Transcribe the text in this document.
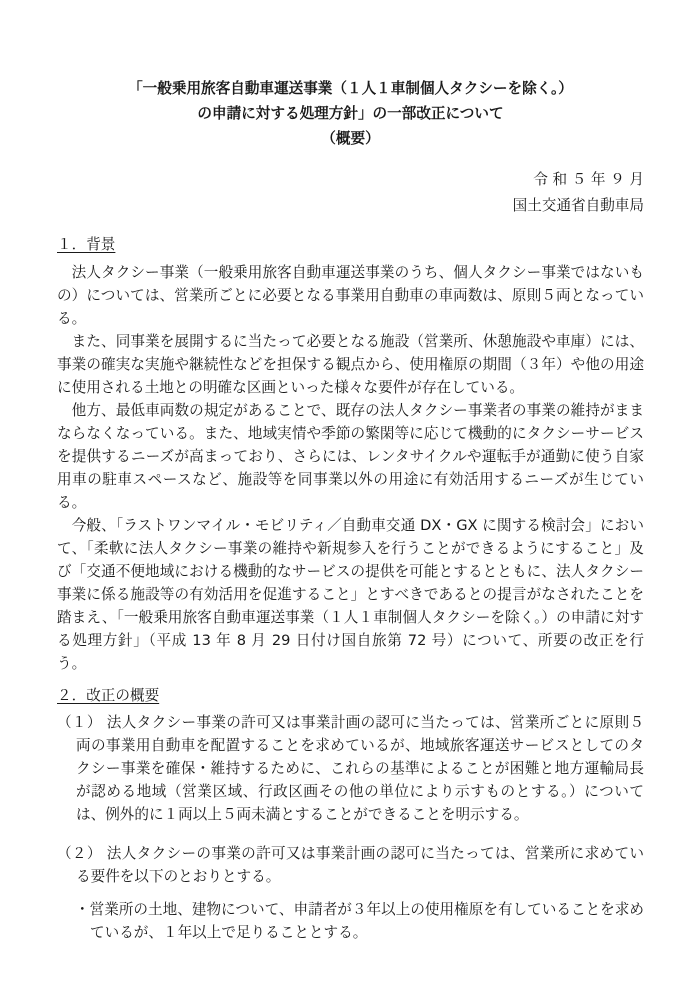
「一般乗用旅客自動車運送事業（１人１車制個人タクシーを除く。）
の申請に対する処理方針」の一部改正について
（概要）
令 和 ５ 年 ９ 月
国土交通省自動車局
１．背景

　法人タクシー事業（一般乗用旅客自動車運送事業のうち、個人タクシー事業ではないもの）については、営業所ごとに必要となる事業用自動車の車両数は、原則５両となっている。

　また、同事業を展開するに当たって必要となる施設（営業所、休憩施設や車庫）には、事業の確実な実施や継続性などを担保する観点から、使用権原の期間（３年）や他の用途に使用される土地との明確な区画といった様々な要件が存在している。

　他方、最低車両数の規定があることで、既存の法人タクシー事業者の事業の維持がままならなくなっている。また、地域実情や季節の繁閑等に応じて機動的にタクシーサービスを提供するニーズが高まっており、さらには、レンタサイクルや運転手が通勤に使う自家用車の駐車スペースなど、施設等を同事業以外の用途に有効活用するニーズが生じている。

　今般、「ラストワンマイル・モビリティ／自動車交通 DX・GX に関する検討会」において、「柔軟に法人タクシー事業の維持や新規参入を行うことができるようにすること」及び「交通不便地域における機動的なサービスの提供を可能とするとともに、法人タクシー事業に係る施設等の有効活用を促進すること」とすべきであるとの提言がなされたことを踏まえ、「一般乗用旅客自動車運送事業（１人１車制個人タクシーを除く。）の申請に対する処理方針」（平成 13 年 8 月 29 日付け国自旅第 72 号）について、所要の改正を行う。

２．改正の概要
（１） 法人タクシー事業の許可又は事業計画の認可に当たっては、営業所ごとに原則５両の事業用自動車を配置することを求めているが、地域旅客運送サービスとしてのタクシー事業を確保・維持するために、これらの基準によることが困難と地方運輸局長が認める地域（営業区域、行政区画その他の単位により示すものとする。）については、例外的に１両以上５両未満とすることができることを明示する。
（２） 法人タクシーの事業の許可又は事業計画の認可に当たっては、営業所に求めている要件を以下のとおりとする。
・営業所の土地、建物について、申請者が３年以上の使用権原を有していることを求めているが、１年以上で足りることとする。
